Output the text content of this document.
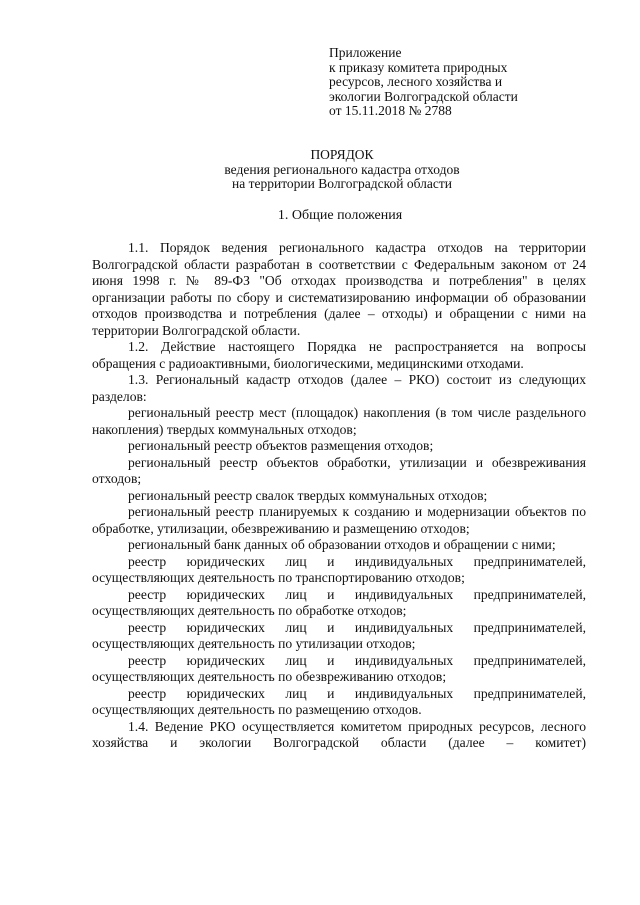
Приложение
к приказу комитета природных
ресурсов, лесного хозяйства и
экологии Волгоградской области
от 15.11.2018 № 2788
ПОРЯДОК
ведения регионального кадастра отходов
на территории Волгоградской области
1. Общие положения

1.1. Порядок ведения регионального кадастра отходов на территории Волгоградской области разработан в соответствии с Федеральным законом от 24 июня 1998 г. № 89-ФЗ "Об отходах производства и потребления" в целях организации работы по сбору и систематизированию информации об образовании отходов производства и потребления (далее – отходы) и обращении с ними на территории Волгоградской области.

1.2. Действие настоящего Порядка не распространяется на вопросы обращения с радиоактивными, биологическими, медицинскими отходами.

1.3. Региональный кадастр отходов (далее – РКО) состоит из следующих разделов:

региональный реестр мест (площадок) накопления (в том числе раздельного накопления) твердых коммунальных отходов;

региональный реестр объектов размещения отходов;

региональный реестр объектов обработки, утилизации и обезвреживания отходов;

региональный реестр свалок твердых коммунальных отходов;

региональный реестр планируемых к созданию и модернизации объектов по обработке, утилизации, обезвреживанию и размещению отходов;

региональный банк данных об образовании отходов и обращении с ними;

реестр юридических лиц и индивидуальных предпринимателей, осуществляющих деятельность по транспортированию отходов;

реестр юридических лиц и индивидуальных предпринимателей, осуществляющих деятельность по обработке отходов;

реестр юридических лиц и индивидуальных предпринимателей, осуществляющих деятельность по утилизации отходов;

реестр юридических лиц и индивидуальных предпринимателей, осуществляющих деятельность по обезвреживанию отходов;

реестр юридических лиц и индивидуальных предпринимателей, осуществляющих деятельность по размещению отходов.

1.4. Ведение РКО осуществляется комитетом природных ресурсов, лесного хозяйства и экологии Волгоградской области (далее – комитет)
